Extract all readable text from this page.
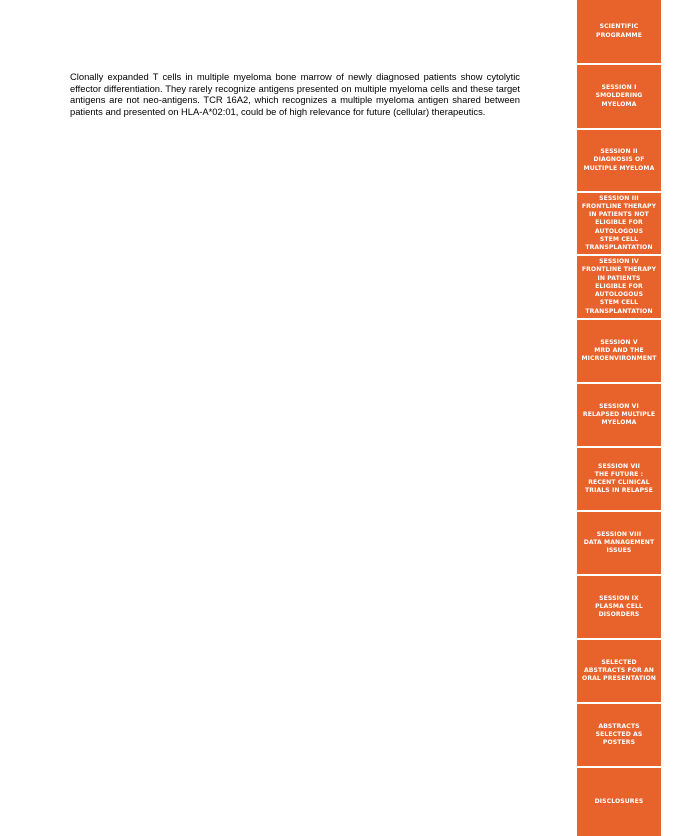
Clonally expanded T cells in multiple myeloma bone marrow of newly diagnosed patients show cytolytic effector differentiation. They rarely recognize antigens presented on multiple myeloma cells and these target antigens are not neo-antigens. TCR 16A2, which recognizes a multiple myeloma antigen shared between patients and presented on HLA-A*02:01, could be of high relevance for future (cellular) therapeutics.

SCIENTIFIC
PROGRAMME
SESSION I
SMOLDERING
MYELOMA
SESSION II
DIAGNOSIS OF
MULTIPLE MYELOMA
SESSION III
FRONTLINE THERAPY
IN PATIENTS NOT
ELIGIBLE FOR
AUTOLOGOUS
STEM CELL
TRANSPLANTATION
SESSION IV
FRONTLINE THERAPY
IN PATIENTS
ELIGIBLE FOR
AUTOLOGOUS
STEM CELL
TRANSPLANTATION
SESSION V
MRD AND THE
MICROENVIRONMENT
SESSION VI
RELAPSED MULTIPLE
MYELOMA
SESSION VII
THE FUTURE :
RECENT CLINICAL
TRIALS IN RELAPSE
SESSION VIII
DATA MANAGEMENT
ISSUES
SESSION IX
PLASMA CELL
DISORDERS
SELECTED
ABSTRACTS FOR AN
ORAL PRESENTATION
ABSTRACTS
SELECTED AS
POSTERS
DISCLOSURES
